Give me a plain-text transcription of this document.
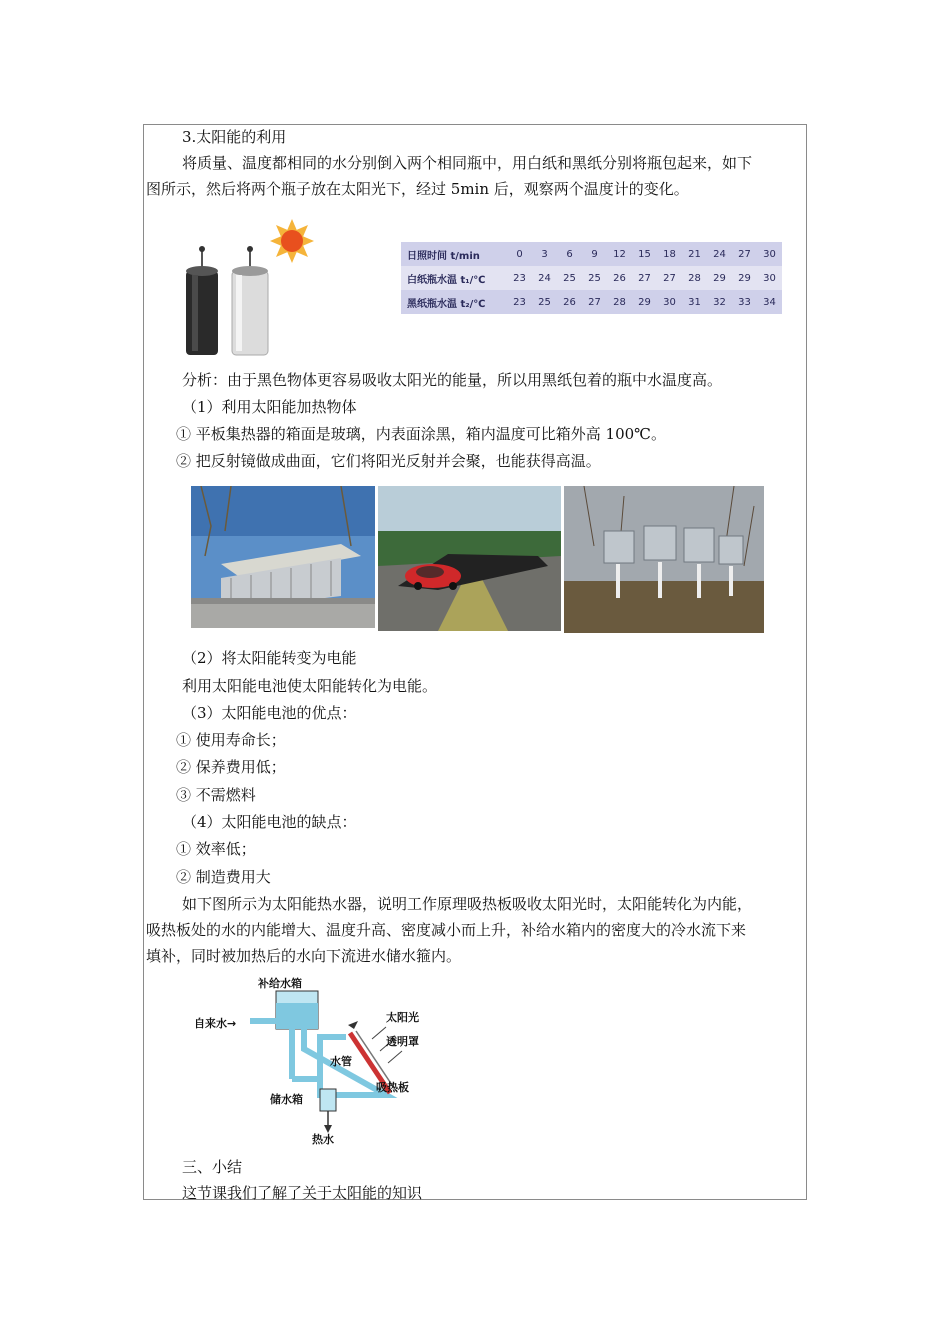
3.太阳能的利用
将质量、温度都相同的水分别倒入两个相同瓶中，用白纸和黑纸分别将瓶包起来，如下
图所示，然后将两个瓶子放在太阳光下，经过 5min 后，观察两个温度计的变化。
日照时间 t/min	0	3	6	9	12	15	18	21	24	27	30
白纸瓶水温 t₁/℃	23	24	25	25	26	27	27	28	29	29	30
黑纸瓶水温 t₂/℃	23	25	26	27	28	29	30	31	32	33	34
分析：由于黑色物体更容易吸收太阳光的能量，所以用黑纸包着的瓶中水温度高。
（1）利用太阳能加热物体
① 平板集热器的箱面是玻璃，内表面涂黑，箱内温度可比箱外高 100℃。
② 把反射镜做成曲面，它们将阳光反射并会聚，也能获得高温。
（2）将太阳能转变为电能
利用太阳能电池使太阳能转化为电能。
（3）太阳能电池的优点：
① 使用寿命长；
② 保养费用低；
③ 不需燃料
（4）太阳能电池的缺点：
① 效率低；
② 制造费用大
如下图所示为太阳能热水器，说明工作原理吸热板吸收太阳光时，太阳能转化为内能，
吸热板处的水的内能增大、温度升高、密度减小而上升，补给水箱内的密度大的冷水流下来
填补，同时被加热后的水向下流进水储水箍内。
补给水箱
自来水→	太阳光
透明罩
水管
吸热板
储水箱
热水
三、小结
这节课我们了解了关于太阳能的知识
